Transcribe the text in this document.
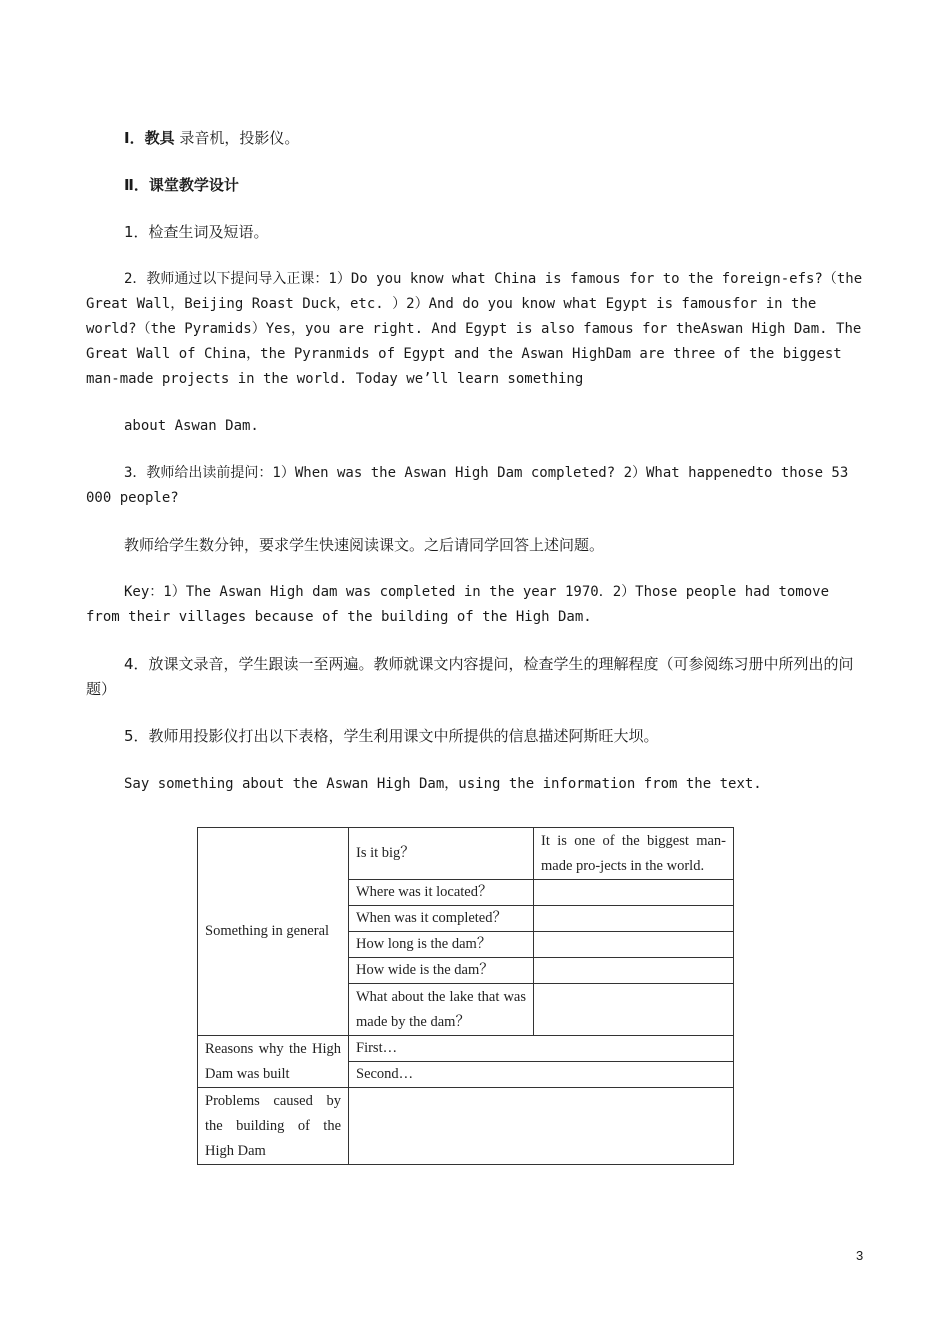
Ⅰ．教具 录音机，投影仪。

Ⅱ．课堂教学设计

1．检查生词及短语。

2．教师通过以下提问导入正课：1）Do you know what China is famous for to the foreign-efs?（the Great Wall，Beijing Roast Duck，etc. ）2）And do you know what Egypt is famousfor in the world?（the Pyramids）Yes，you are right. And Egypt is also famous for theAswan High Dam. The Great Wall of China，the Pyranmids of Egypt and the Aswan HighDam are three of the biggest man-made projects in the world. Today we’ll learn something

about Aswan Dam.

3．教师给出读前提问：1）When was the Aswan High Dam completed? 2）What happenedto those 53 000 people?

教师给学生数分钟，要求学生快速阅读课文。之后请同学回答上述问题。

Key：1）The Aswan High dam was completed in the year 1970．2）Those people had tomove from their villages because of the building of the High Dam.

4．放课文录音，学生跟读一至两遍。教师就课文内容提问，检查学生的理解程度（可参阅练习册中所列出的问题）

5．教师用投影仪打出以下表格，学生利用课文中所提供的信息描述阿斯旺大坝。

Say something about the Aswan High Dam，using the information from the text.

Something in general	Is it big？	It is one of the biggest man-made pro-jects in the world.
	Where was it located？	
	When was it completed？	
	How long is the dam？	
	How wide is the dam？	
	What about the lake that was made by the dam？	
Reasons why the High Dam was built	First…	
	Second…	
Problems caused by the building of the High Dam		
3
